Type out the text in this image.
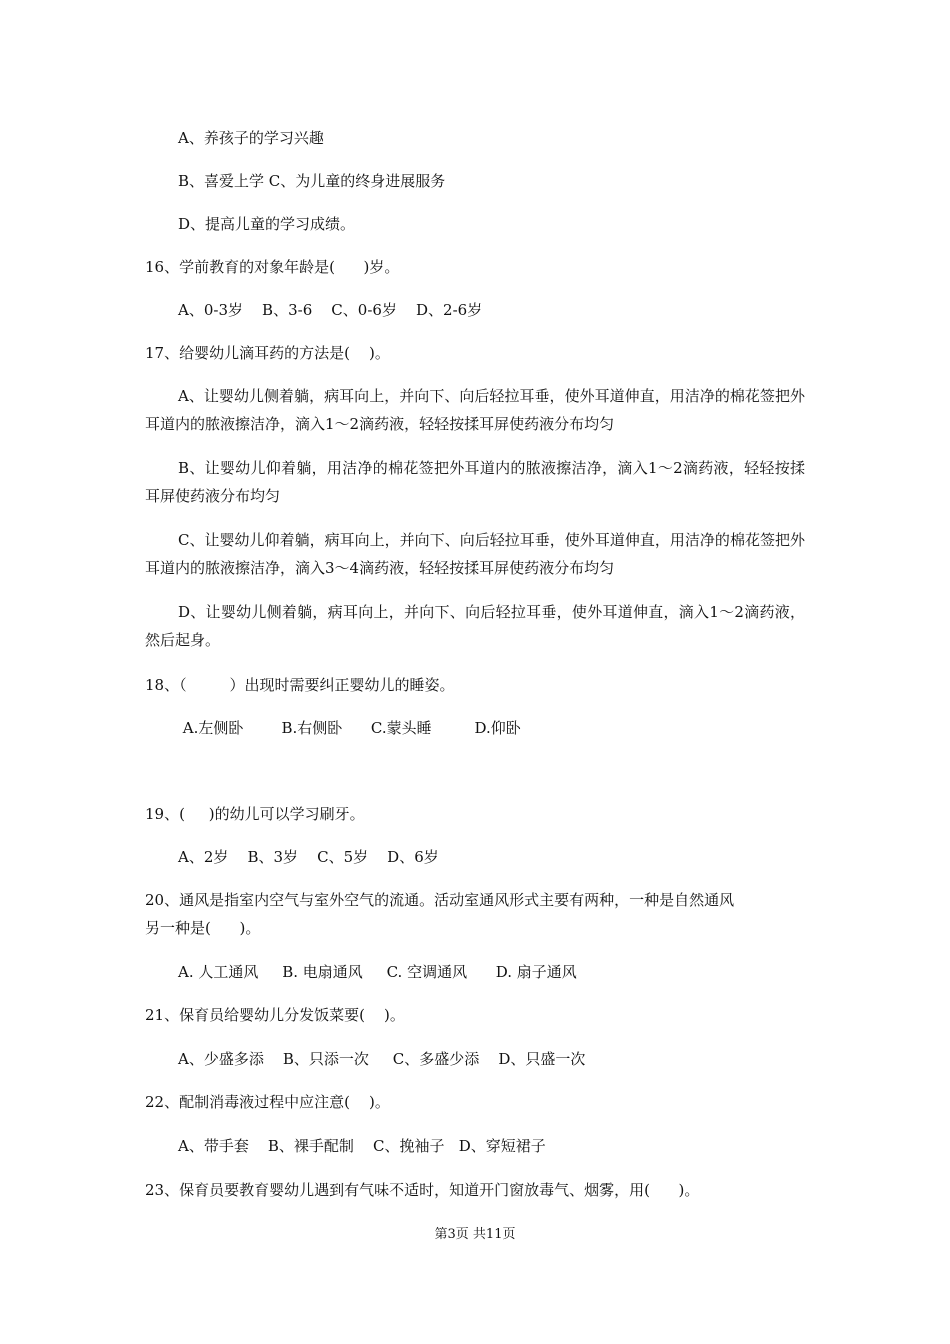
A、养孩子的学习兴趣
B、喜爱上学 C、为儿童的终身进展服务
D、提高儿童的学习成绩。
16、学前教育的对象年龄是(      )岁。
A、0-3岁    B、3-6    C、0-6岁    D、2-6岁
17、给婴幼儿滴耳药的方法是(    )。
A、让婴幼儿侧着躺，病耳向上，并向下、向后轻拉耳垂，使外耳道伸直，用洁净的棉花签把外耳道内的脓液擦洁净，滴入1～2滴药液，轻轻按揉耳屏使药液分布均匀
B、让婴幼儿仰着躺，用洁净的棉花签把外耳道内的脓液擦洁净，滴入1～2滴药液，轻轻按揉耳屏使药液分布均匀
C、让婴幼儿仰着躺，病耳向上，并向下、向后轻拉耳垂，使外耳道伸直，用洁净的棉花签把外耳道内的脓液擦洁净，滴入3～4滴药液，轻轻按揉耳屏使药液分布均匀
D、让婴幼儿侧着躺，病耳向上，并向下、向后轻拉耳垂，使外耳道伸直，滴入1～2滴药液，然后起身。
18、（         ）出现时需要纠正婴幼儿的睡姿。
A.左侧卧        B.右侧卧      C.蒙头睡         D.仰卧
19、(     )的幼儿可以学习刷牙。
A、2岁    B、3岁    C、5岁    D、6岁
20、通风是指室内空气与室外空气的流通。活动室通风形式主要有两种，一种是自然通风
另一种是(      )。
A. 人工通风     B. 电扇通风     C. 空调通风      D. 扇子通风
21、保育员给婴幼儿分发饭菜要(    )。
A、少盛多添    B、只添一次     C、多盛少添    D、只盛一次
22、配制消毒液过程中应注意(    )。
A、带手套    B、裸手配制    C、挽袖子   D、穿短裙子
23、保育员要教育婴幼儿遇到有气味不适时，知道开门窗放毒气、烟雾，用(      )。
第3页 共11页
